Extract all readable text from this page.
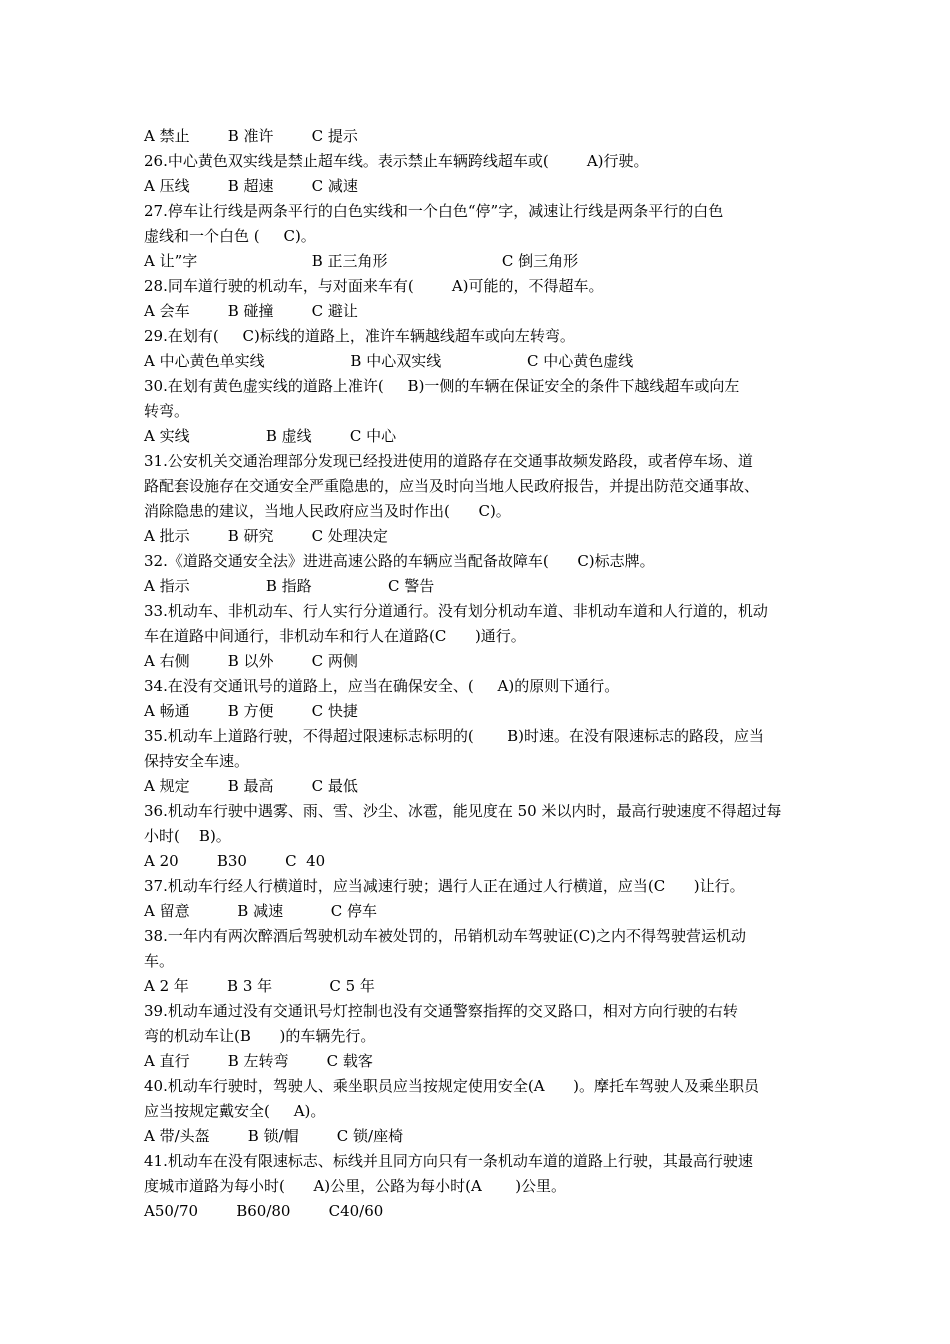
A 禁止        B 准许        C 提示
26.中心黄色双实线是禁止超车线。表示禁止车辆跨线超车或(        A)行驶。
A 压线        B 超速        C 减速
27.停车让行线是两条平行的白色实线和一个白色“停”字，减速让行线是两条平行的白色
虚线和一个白色 (     C)。
A 让”字                        B 正三角形                        C 倒三角形
28.同车道行驶的机动车，与对面来车有(        A)可能的，不得超车。
A 会车        B 碰撞        C 避让
29.在划有(     C)标线的道路上，准许车辆越线超车或向左转弯。
A 中心黄色单实线                  B 中心双实线                  C 中心黄色虚线
30.在划有黄色虚实线的道路上准许(     B)一侧的车辆在保证安全的条件下越线超车或向左
转弯。
A 实线                B 虚线        C 中心
31.公安机关交通治理部分发现已经投进使用的道路存在交通事故频发路段，或者停车场、道
路配套设施存在交通安全严重隐患的，应当及时向当地人民政府报告，并提出防范交通事故、
消除隐患的建议，当地人民政府应当及时作出(      C)。
A 批示        B 研究        C 处理决定
32.《道路交通安全法》进进高速公路的车辆应当配备故障车(      C)标志牌。
A 指示                B 指路                C 警告
33.机动车、非机动车、行人实行分道通行。没有划分机动车道、非机动车道和人行道的，机动
车在道路中间通行，非机动车和行人在道路(C      )通行。
A 右侧        B 以外        C 两侧
34.在没有交通讯号的道路上，应当在确保安全、(     A)的原则下通行。
A 畅通        B 方便        C 快捷
35.机动车上道路行驶，不得超过限速标志标明的(       B)时速。在没有限速标志的路段，应当
保持安全车速。
A 规定        B 最高        C 最低
36.机动车行驶中遇雾、雨、雪、沙尘、冰雹，能见度在 50 米以内时，最高行驶速度不得超过每
小时(    B)。
A 20        B30        C  40
37.机动车行经人行横道时，应当减速行驶；遇行人正在通过人行横道，应当(C      )让行。
A 留意          B 减速          C 停车
38.一年内有两次醉酒后驾驶机动车被处罚的，吊销机动车驾驶证(C)之内不得驾驶营运机动
车。
A 2 年        B 3 年            C 5 年
39.机动车通过没有交通讯号灯控制也没有交通警察指挥的交叉路口，相对方向行驶的右转
弯的机动车让(B      )的车辆先行。
A 直行        B 左转弯        C 载客
40.机动车行驶时，驾驶人、乘坐职员应当按规定使用安全(A      )。摩托车驾驶人及乘坐职员
应当按规定戴安全(     A)。
A 带/头盔        B 锁/帽        C 锁/座椅
41.机动车在没有限速标志、标线并且同方向只有一条机动车道的道路上行驶，其最高行驶速
度城市道路为每小时(      A)公里，公路为每小时(A       )公里。
A50/70        B60/80        C40/60
